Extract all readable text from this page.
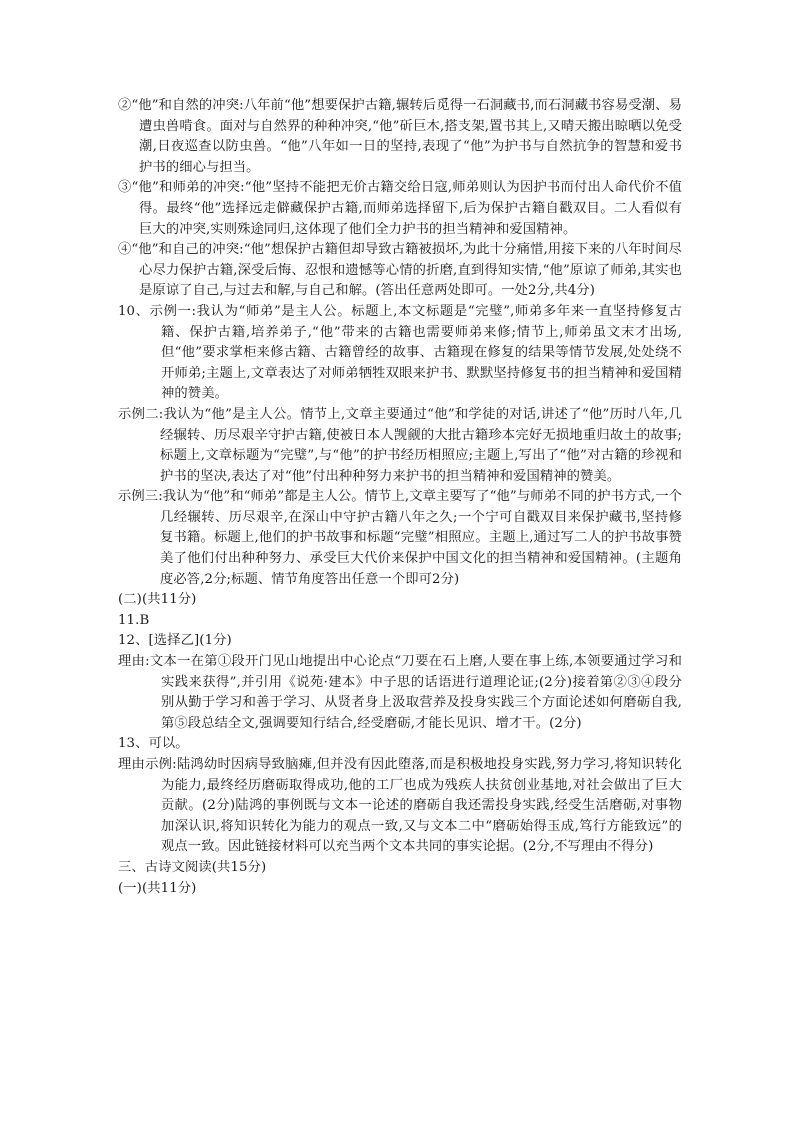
②“他”和自然的冲突:八年前“他”想要保护古籍,辗转后觅得一石洞藏书,而石洞藏书容易受潮、易遭虫兽啃食。面对与自然界的种种冲突,“他”斫巨木,搭支架,置书其上,又晴天搬出晾晒以免受潮,日夜巡查以防虫兽。“他”八年如一日的坚持,表现了“他”为护书与自然抗争的智慧和爱书护书的细心与担当。

③“他”和师弟的冲突:“他”坚持不能把无价古籍交给日寇,师弟则认为因护书而付出人命代价不值得。最终“他”选择远走僻藏保护古籍,而师弟选择留下,后为保护古籍自戳双目。二人看似有巨大的冲突,实则殊途同归,这体现了他们全力护书的担当精神和爱国精神。

④“他”和自己的冲突:“他”想保护古籍但却导致古籍被损坏,为此十分痛惜,用接下来的八年时间尽心尽力保护古籍,深受后悔、忍恨和遗憾等心情的折磨,直到得知实情,“他”原谅了师弟,其实也是原谅了自己,与过去和解,与自己和解。(答出任意两处即可。一处2分,共4分)

10、示例一:我认为“师弟”是主人公。标题上,本文标题是“完璧”,师弟多年来一直坚持修复古籍、保护古籍,培养弟子,“他”带来的古籍也需要师弟来修;情节上,师弟虽文末才出场,但“他”要求掌柜来修古籍、古籍曾经的故事、古籍现在修复的结果等情节发展,处处绕不开师弟;主题上,文章表达了对师弟牺牲双眼来护书、默默坚持修复书的担当精神和爱国精神的赞美。

示例二:我认为“他”是主人公。情节上,文章主要通过“他”和学徒的对话,讲述了“他”历时八年,几经辗转、历尽艰辛守护古籍,使被日本人觊觎的大批古籍珍本完好无损地重归故土的故事;标题上,文章标题为“完璧”,与“他”的护书经历相照应;主题上,写出了“他”对古籍的珍视和护书的坚决,表达了对“他”付出种种努力来护书的担当精神和爱国精神的赞美。

示例三:我认为“他”和“师弟”都是主人公。情节上,文章主要写了“他”与师弟不同的护书方式,一个几经辗转、历尽艰辛,在深山中守护古籍八年之久;一个宁可自戳双目来保护藏书,坚持修复书籍。标题上,他们的护书故事和标题“完璧”相照应。主题上,通过写二人的护书故事赞美了他们付出种种努力、承受巨大代价来保护中国文化的担当精神和爱国精神。(主题角度必答,2分;标题、情节角度答出任意一个即可2分)

(二)(共11分)

11.B

12、[选择乙](1分)

理由:文本一在第①段开门见山地提出中心论点“刀要在石上磨,人要在事上练,本领要通过学习和实践来获得”,并引用《说苑·建本》中子思的话语进行道理论证;(2分)接着第②③④段分别从勤于学习和善于学习、从贤者身上汲取营养及投身实践三个方面论述如何磨砺自我,第⑤段总结全文,强调要知行结合,经受磨砺,才能长见识、增才干。(2分)

13、可以。

理由示例:陆鸿幼时因病导致脑瘫,但并没有因此堕落,而是积极地投身实践,努力学习,将知识转化为能力,最终经历磨砺取得成功,他的工厂也成为残疾人扶贫创业基地,对社会做出了巨大贡献。(2分)陆鸿的事例既与文本一论述的磨砺自我还需投身实践,经受生活磨砺,对事物加深认识,将知识转化为能力的观点一致,又与文本二中“磨砺始得玉成,笃行方能致远”的观点一致。因此链接材料可以充当两个文本共同的事实论据。(2分,不写理由不得分)

三、古诗文阅读(共15分)

(一)(共11分)
